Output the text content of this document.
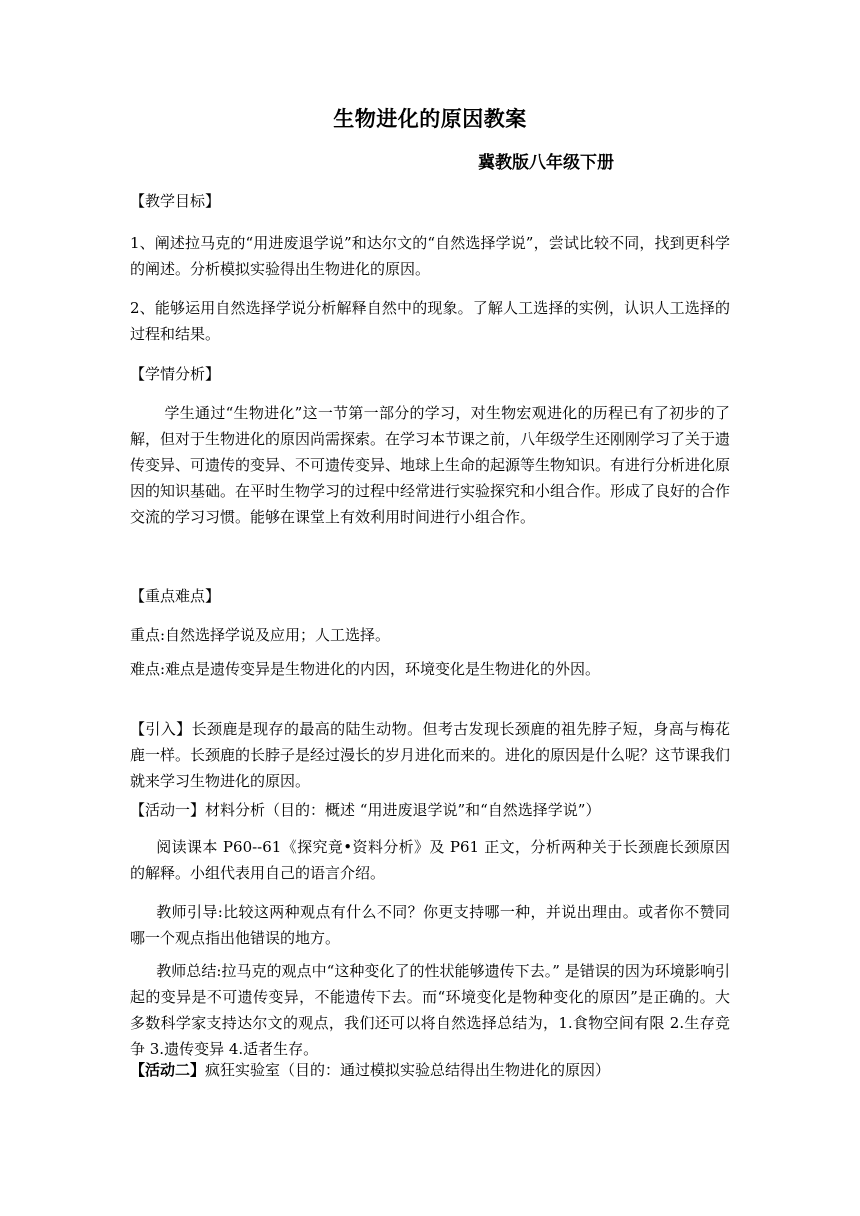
生物进化的原因教案
冀教版八年级下册

【教学目标】

1、阐述拉马克的“用进废退学说”和达尔文的“自然选择学说”，尝试比较不同，找到更科学的阐述。分析模拟实验得出生物进化的原因。

2、能够运用自然选择学说分析解释自然中的现象。了解人工选择的实例，认识人工选择的过程和结果。

【学情分析】

学生通过“生物进化”这一节第一部分的学习，对生物宏观进化的历程已有了初步的了解，但对于生物进化的原因尚需探索。在学习本节课之前，八年级学生还刚刚学习了关于遗传变异、可遗传的变异、不可遗传变异、地球上生命的起源等生物知识。有进行分析进化原因的知识基础。在平时生物学习的过程中经常进行实验探究和小组合作。形成了良好的合作交流的学习习惯。能够在课堂上有效利用时间进行小组合作。

【重点难点】

重点:自然选择学说及应用；人工选择。

难点:难点是遗传变异是生物进化的内因，环境变化是生物进化的外因。

【引入】长颈鹿是现存的最高的陆生动物。但考古发现长颈鹿的祖先脖子短，身高与梅花鹿一样。长颈鹿的长脖子是经过漫长的岁月进化而来的。进化的原因是什么呢？这节课我们就来学习生物进化的原因。

【活动一】材料分析（目的：概述 “用进废退学说”和“自然选择学说”）

阅读课本 P60--61《探究竟•资料分析》及 P61 正文，分析两种关于长颈鹿长颈原因的解释。小组代表用自己的语言介绍。

教师引导:比较这两种观点有什么不同？你更支持哪一种，并说出理由。或者你不赞同哪一个观点指出他错误的地方。

教师总结:拉马克的观点中“这种变化了的性状能够遗传下去。” 是错误的因为环境影响引起的变异是不可遗传变异，不能遗传下去。而“环境变化是物种变化的原因”是正确的。大多数科学家支持达尔文的观点，我们还可以将自然选择总结为，1.食物空间有限 2.生存竞争 3.遗传变异 4.适者生存。

【活动二】疯狂实验室（目的：通过模拟实验总结得出生物进化的原因）
